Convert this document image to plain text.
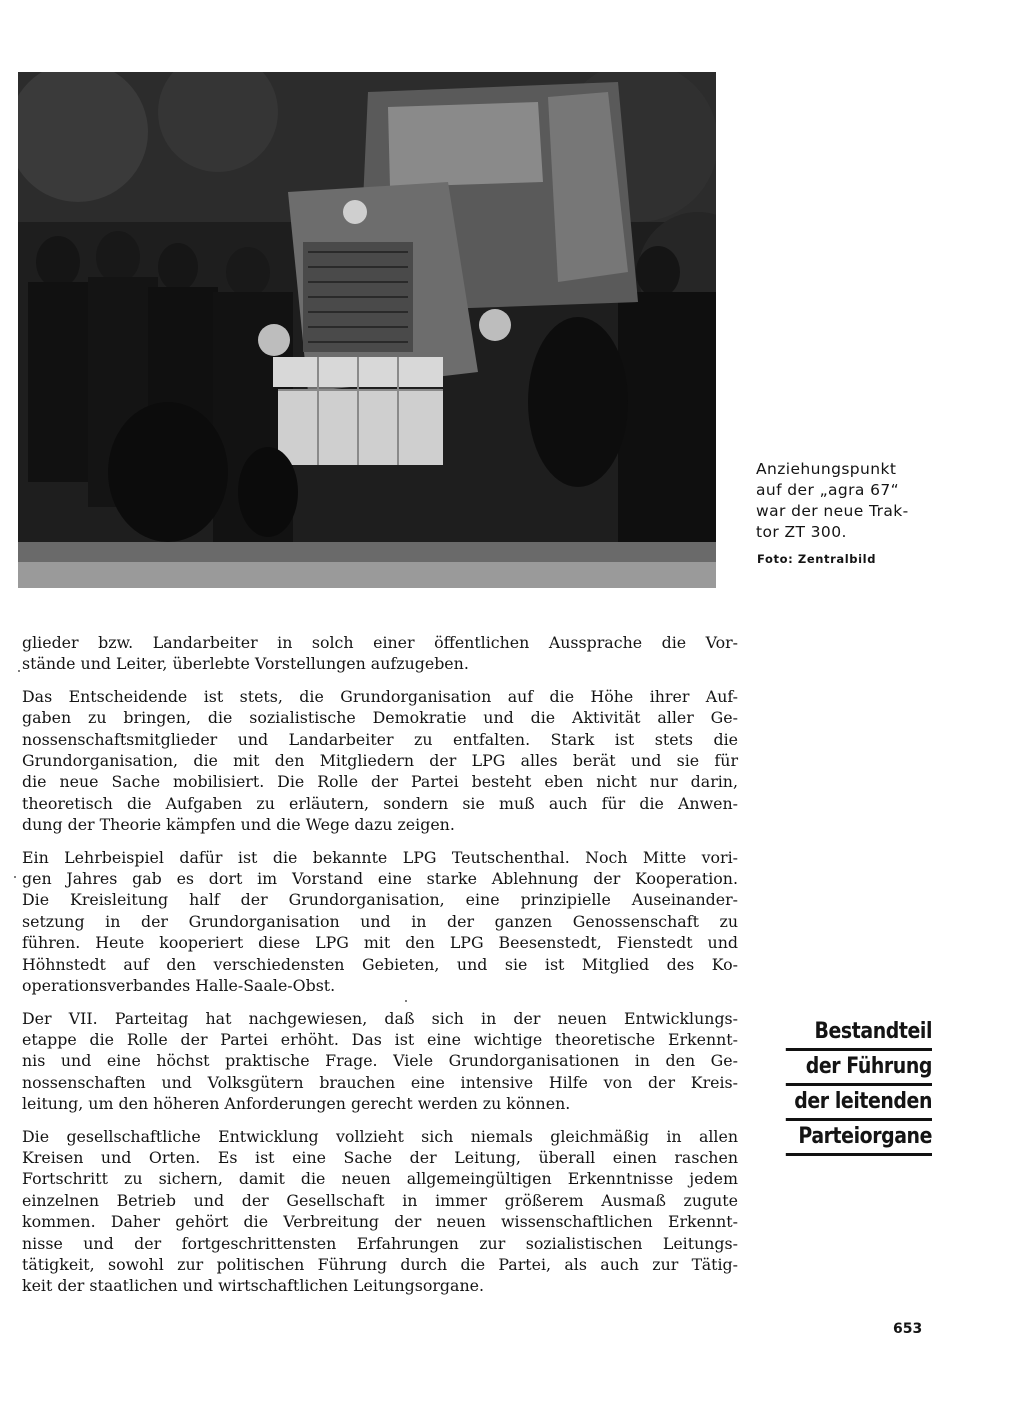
Anziehungspunkt
auf der „agra 67“
war der neue Trak-
tor ZT 300.
Foto: Zentralbild

glieder bzw. Landarbeiter in solch einer öffentlichen Aussprache die Vor-
stände und Leiter, überlebte Vorstellungen aufzugeben.

Das Entscheidende ist stets, die Grundorganisation auf die Höhe ihrer Auf-
gaben zu bringen, die sozialistische Demokratie und die Aktivität aller Ge-
nossenschaftsmitglieder und Landarbeiter zu entfalten. Stark ist stets die
Grundorganisation, die mit den Mitgliedern der LPG alles berät und sie für
die neue Sache mobilisiert. Die Rolle der Partei besteht eben nicht nur darin,
theoretisch die Aufgaben zu erläutern, sondern sie muß auch für die Anwen-
dung der Theorie kämpfen und die Wege dazu zeigen.

Ein Lehrbeispiel dafür ist die bekannte LPG Teutschenthal. Noch Mitte vori-
gen Jahres gab es dort im Vorstand eine starke Ablehnung der Kooperation.
Die Kreisleitung half der Grundorganisation, eine prinzipielle Auseinander-
setzung in der Grundorganisation und in der ganzen Genossenschaft zu
führen. Heute kooperiert diese LPG mit den LPG Beesenstedt, Fienstedt und
Höhnstedt auf den verschiedensten Gebieten, und sie ist Mitglied des Ko-
operationsverbandes Halle-Saale-Obst.

Der VII. Parteitag hat nachgewiesen, daß sich in der neuen Entwicklungs-
etappe die Rolle der Partei erhöht. Das ist eine wichtige theoretische Erkennt-
nis und eine höchst praktische Frage. Viele Grundorganisationen in den Ge-
nossenschaften und Volksgütern brauchen eine intensive Hilfe von der Kreis-
leitung, um den höheren Anforderungen gerecht werden zu können.

Die gesellschaftliche Entwicklung vollzieht sich niemals gleichmäßig in allen
Kreisen und Orten. Es ist eine Sache der Leitung, überall einen raschen
Fortschritt zu sichern, damit die neuen allgemeingültigen Erkenntnisse jedem
einzelnen Betrieb und der Gesellschaft in immer größerem Ausmaß zugute
kommen. Daher gehört die Verbreitung der neuen wissenschaftlichen Erkennt-
nisse und der fortgeschrittensten Erfahrungen zur sozialistischen Leitungs-
tätigkeit, sowohl zur politischen Führung durch die Partei, als auch zur Tätig-
keit der staatlichen und wirtschaftlichen Leitungsorgane.

Bestandteil
der Führung
der leitenden
Parteiorgane
653
